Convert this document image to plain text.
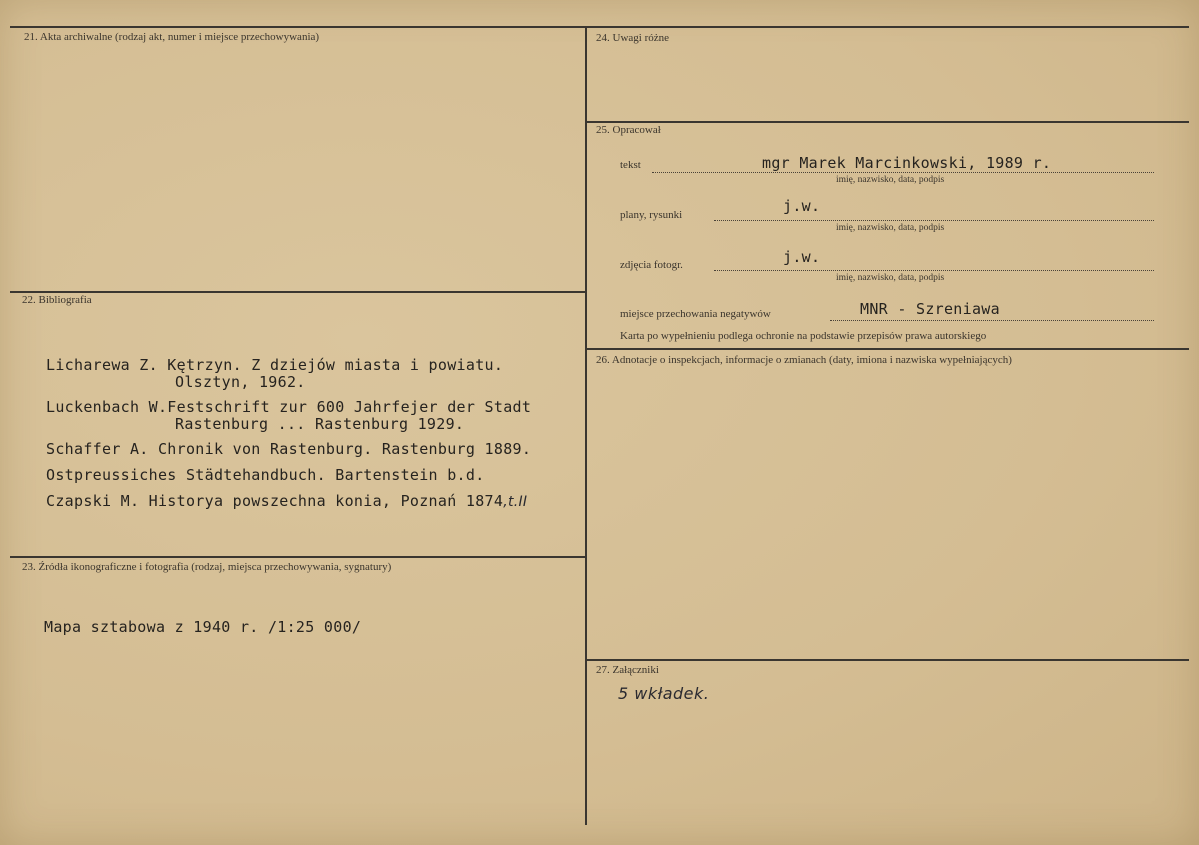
21. Akta archiwalne (rodzaj akt, numer i miejsce przechowywania)
22. Bibliografia
Licharewa Z. Kętrzyn. Z dziejów miasta i powiatu.
Olsztyn, 1962.
Luckenbach W.Festschrift zur 600 Jahrfejer der Stadt
Rastenburg ... Rastenburg 1929.
Schaffer A. Chronik von Rastenburg. Rastenburg 1889.
Ostpreussiches Städtehandbuch. Bartenstein b.d.
Czapski M. Historya powszechna konia, Poznań 1874,t.II
23. Źródła ikonograficzne i fotografia (rodzaj, miejsca przechowywania, sygnatury)
Mapa sztabowa z 1940 r. /1:25 000/
24. Uwagi różne
25. Opracował
tekst	mgr Marek Marcinkowski, 1989 r.
imię, nazwisko, data, podpis
plany, rysunki	j.w.
imię, nazwisko, data, podpis
zdjęcia fotogr.	j.w.
imię, nazwisko, data, podpis
miejsce przechowania negatywów	MNR - Szreniawa
Karta po wypełnieniu podlega ochronie na podstawie przepisów prawa autorskiego
26. Adnotacje o inspekcjach, informacje o zmianach (daty, imiona i nazwiska wypełniających)
27. Załączniki
5 wkładek.
